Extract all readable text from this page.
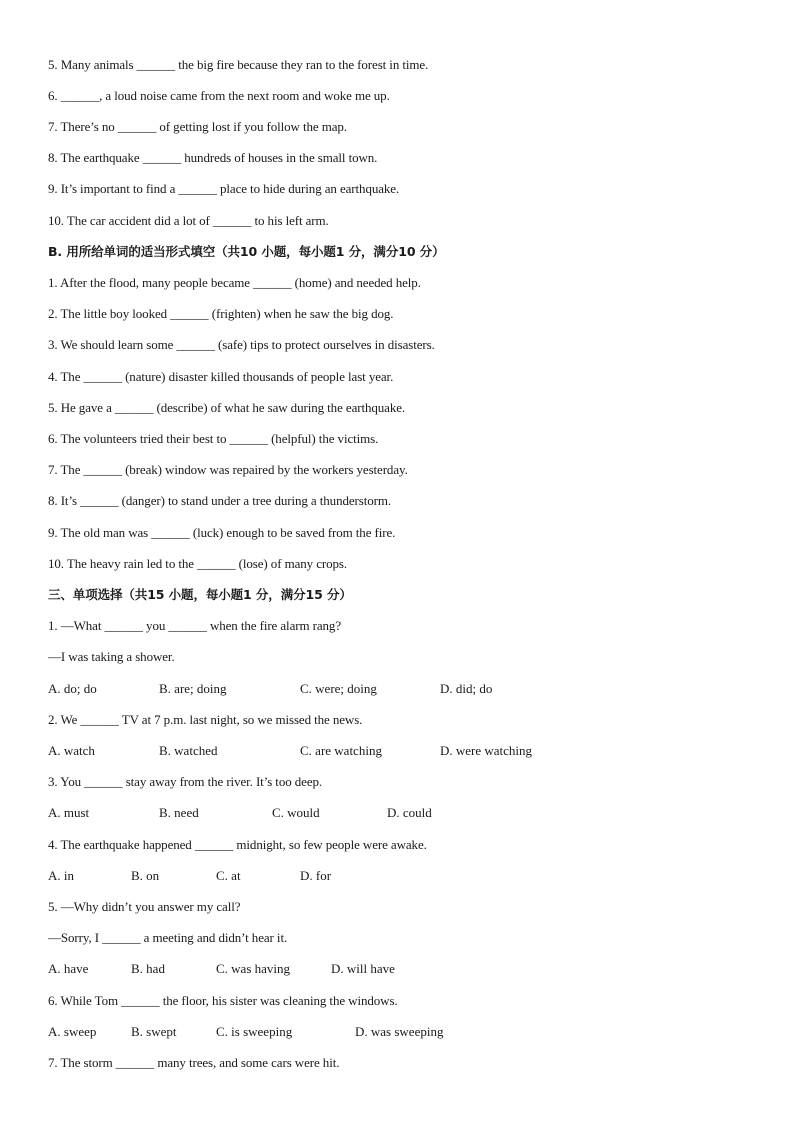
5. Many animals ______ the big fire because they ran to the forest in time.
6. ______, a loud noise came from the next room and woke me up.
7. There’s no ______ of getting lost if you follow the map.
8. The earthquake ______ hundreds of houses in the small town.
9. It’s important to find a ______ place to hide during an earthquake.
10. The car accident did a lot of ______ to his left arm.
B. 用所给单词的适当形式填空（共10 小题，每小题1 分，满分10 分）
1. After the flood, many people became ______ (home) and needed help.
2. The little boy looked ______ (frighten) when he saw the big dog.
3. We should learn some ______ (safe) tips to protect ourselves in disasters.
4. The ______ (nature) disaster killed thousands of people last year.
5. He gave a ______ (describe) of what he saw during the earthquake.
6. The volunteers tried their best to ______ (helpful) the victims.
7. The ______ (break) window was repaired by the workers yesterday.
8. It’s ______ (danger) to stand under a tree during a thunderstorm.
9. The old man was ______ (luck) enough to be saved from the fire.
10. The heavy rain led to the ______ (lose) of many crops.
三、单项选择（共15 小题，每小题1 分，满分15 分）
1. —What ______ you ______ when the fire alarm rang?
—I was taking a shower.
A. do; do	B. are; doing	C. were; doing	D. did; do
2. We ______ TV at 7 p.m. last night, so we missed the news.
A. watch	B. watched	C. are watching	D. were watching
3. You ______ stay away from the river. It’s too deep.
A. must	B. need	C. would	D. could
4. The earthquake happened ______ midnight, so few people were awake.
A. in	B. on	C. at	D. for
5. —Why didn’t you answer my call?
—Sorry, I ______ a meeting and didn’t hear it.
A. have	B. had	C. was having	D. will have
6. While Tom ______ the floor, his sister was cleaning the windows.
A. sweep	B. swept	C. is sweeping	D. was sweeping
7. The storm ______ many trees, and some cars were hit.
